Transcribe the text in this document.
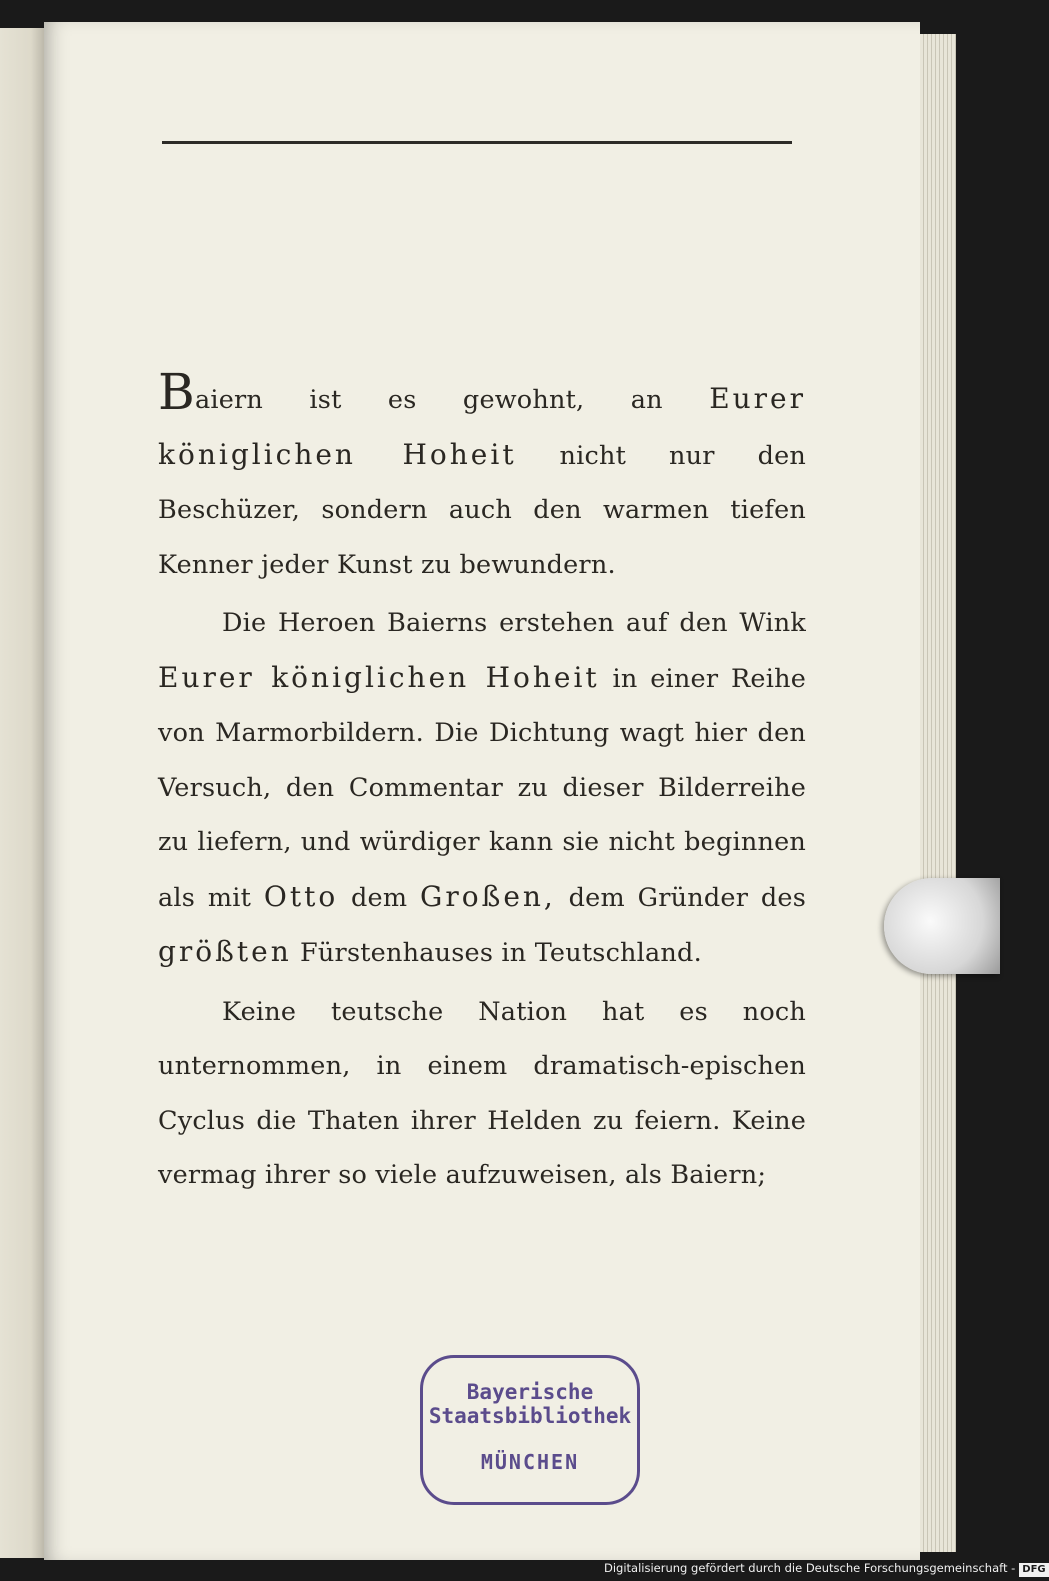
Baiern ist es gewohnt, an Eurer königlichen Hoheit nicht nur den Beschüzer, sondern auch den warmen tiefen Kenner jeder Kunst zu bewundern.

Die Heroen Baierns erstehen auf den Wink Eurer königlichen Hoheit in einer Reihe von Marmorbildern. Die Dichtung wagt hier den Versuch, den Commentar zu dieser Bilderreihe zu liefern, und würdiger kann sie nicht beginnen als mit Otto dem Großen, dem Gründer des größten Fürstenhauses in Teutschland.

Keine teutsche Nation hat es noch unternommen, in einem dramatisch-epischen Cyclus die Thaten ihrer Helden zu feiern. Keine vermag ihrer so viele aufzuweisen, als Baiern;

Bayerische
Staatsbibliothek
MÜNCHEN
Digitalisierung gefördert durch die Deutsche Forschungsgemeinschaft - DFG
